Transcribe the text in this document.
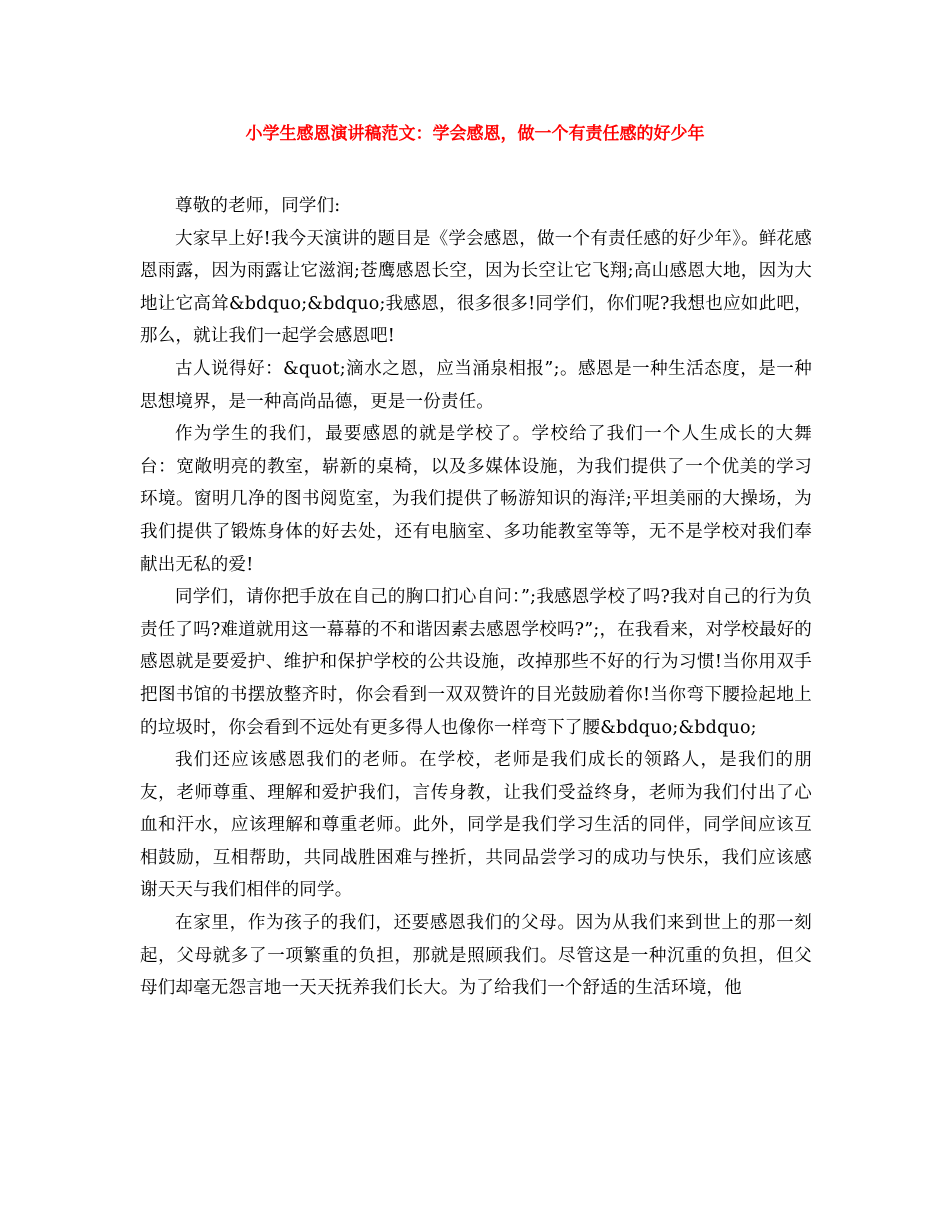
小学生感恩演讲稿范文：学会感恩，做一个有责任感的好少年

尊敬的老师，同学们:

大家早上好!我今天演讲的题目是《学会感恩，做一个有责任感的好少年》。鲜花感恩雨露，因为雨露让它滋润;苍鹰感恩长空，因为长空让它飞翔;高山感恩大地，因为大地让它高耸&bdquo;&bdquo;我感恩，很多很多!同学们，你们呢?我想也应如此吧，那么，就让我们一起学会感恩吧!

古人说得好：&quot;滴水之恩，应当涌泉相报”;。感恩是一种生活态度，是一种思想境界，是一种高尚品德，更是一份责任。

作为学生的我们，最要感恩的就是学校了。学校给了我们一个人生成长的大舞台：宽敞明亮的教室，崭新的桌椅，以及多媒体设施，为我们提供了一个优美的学习环境。窗明几净的图书阅览室，为我们提供了畅游知识的海洋;平坦美丽的大操场，为我们提供了锻炼身体的好去处，还有电脑室、多功能教室等等，无不是学校对我们奉献出无私的爱!

同学们，请你把手放在自己的胸口扪心自问：”;我感恩学校了吗?我对自己的行为负责任了吗?难道就用这一幕幕的不和谐因素去感恩学校吗?”;，在我看来，对学校最好的感恩就是要爱护、维护和保护学校的公共设施，改掉那些不好的行为习惯!当你用双手把图书馆的书摆放整齐时，你会看到一双双赞许的目光鼓励着你!当你弯下腰捡起地上的垃圾时，你会看到不远处有更多得人也像你一样弯下了腰&bdquo;&bdquo;

我们还应该感恩我们的老师。在学校，老师是我们成长的领路人，是我们的朋友，老师尊重、理解和爱护我们，言传身教，让我们受益终身，老师为我们付出了心血和汗水，应该理解和尊重老师。此外，同学是我们学习生活的同伴，同学间应该互相鼓励，互相帮助，共同战胜困难与挫折，共同品尝学习的成功与快乐，我们应该感谢天天与我们相伴的同学。

在家里，作为孩子的我们，还要感恩我们的父母。因为从我们来到世上的那一刻起，父母就多了一项繁重的负担，那就是照顾我们。尽管这是一种沉重的负担，但父母们却毫无怨言地一天天抚养我们长大。为了给我们一个舒适的生活环境，他
